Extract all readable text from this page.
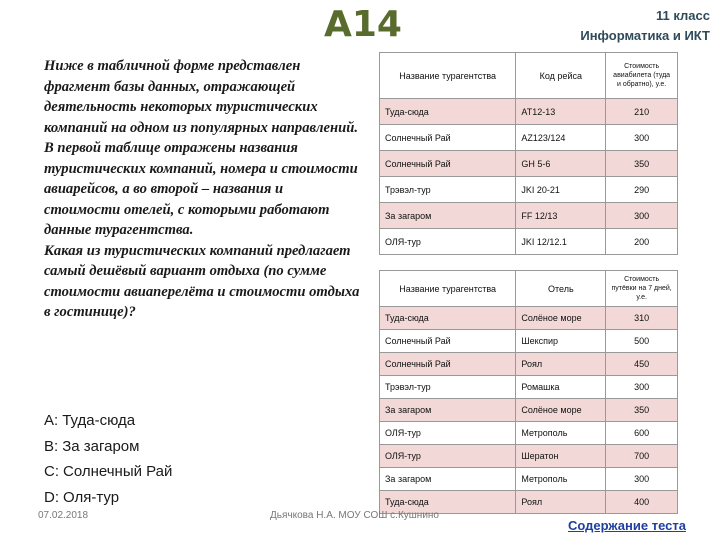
А14	11 класс
Информатика и ИКТ

Ниже в табличной форме представлен фрагмент базы данных, отражающей деятельность некоторых туристических компаний на одном из популярных направлений. В первой таблице отражены названия туристических компаний, номера и стоимости авиарейсов, а во второй – названия и стоимости отелей, с которыми работают данные турагентства.

Какая из туристических компаний предлагает самый дешёвый вариант отдыха (по сумме стоимости авиаперелёта и стоимости отдыха в гостинице)?

A: Туда-сюда
B: За загаром
C: Солнечный Рай
D: Оля-тур
Название турагентства	Код рейса	Стоимость авиабилета (туда и обратно), у.е.
Туда-сюда	AT12-13	210
Солнечный Рай	AZ123/124	300
Солнечный Рай	GH 5-6	350
Трэвэл-тур	JKI 20-21	290
За загаром	FF 12/13	300
ОЛЯ-тур	JKI 12/12.1	200
Название турагентства	Отель	Стоимость путёвки на 7 дней, у.е.
Туда-сюда	Солёное море	310
Солнечный Рай	Шекспир	500
Солнечный Рай	Роял	450
Трэвэл-тур	Ромашка	300
За загаром	Солёное море	350
ОЛЯ-тур	Метрополь	600
ОЛЯ-тур	Шератон	700
За загаром	Метрополь	300
Туда-сюда	Роял	400
07.02.2018	Дьячкова Н.А. МОУ СОШ с.Кушнино
Содержание теста
